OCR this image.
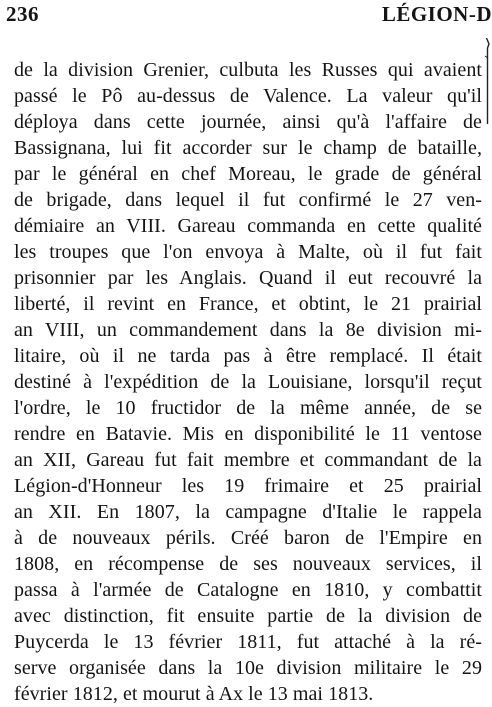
236	LÉGION-D
de la division Grenier, culbuta les Russes qui avaient
passé le Pô au-dessus de Valence. La valeur qu'il
déploya dans cette journée, ainsi qu'à l'affaire de
Bassignana, lui fit accorder sur le champ de bataille,
par le général en chef Moreau, le grade de général
de brigade, dans lequel il fut confirmé le 27 ven-
démiaire an VIII. Gareau commanda en cette qualité
les troupes que l'on envoya à Malte, où il fut fait
prisonnier par les Anglais. Quand il eut recouvré la
liberté, il revint en France, et obtint, le 21 prairial
an VIII, un commandement dans la 8e division mi-
litaire, où il ne tarda pas à être remplacé. Il était
destiné à l'expédition de la Louisiane, lorsqu'il reçut
l'ordre, le 10 fructidor de la même année, de se
rendre en Batavie. Mis en disponibilité le 11 ventose
an XII, Gareau fut fait membre et commandant de la
Légion-d'Honneur les 19 frimaire et 25 prairial
an XII. En 1807, la campagne d'Italie le rappela
à de nouveaux périls. Créé baron de l'Empire en
1808, en récompense de ses nouveaux services, il
passa à l'armée de Catalogne en 1810, y combattit
avec distinction, fit ensuite partie de la division de
Puycerda le 13 février 1811, fut attaché à la ré-
serve organisée dans la 10e division militaire le 29
février 1812, et mourut à Ax le 13 mai 1813.
